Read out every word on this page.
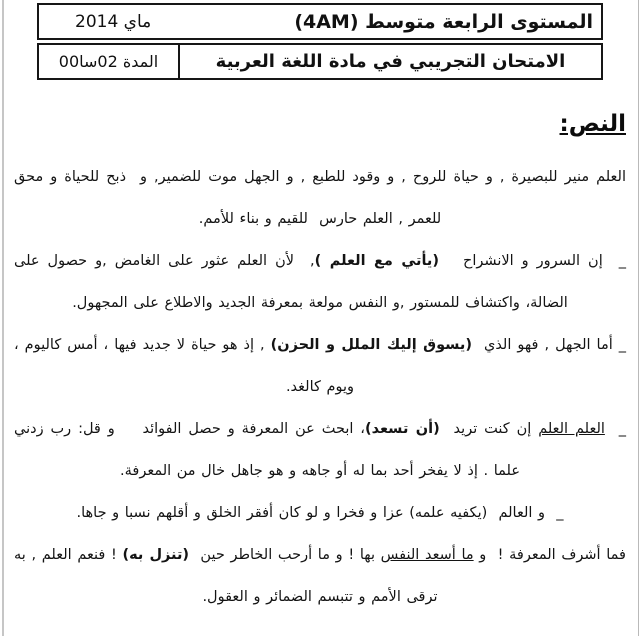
المستوى الرابعة متوسط (4AM)
ماي 2014
الامتحان التجريبي في مادة اللغة العربية
المدة 02سا00
النص:

العلم منير للبصيرة , و حياة للروح , و وقود للطبع , و الجهل موت للضمير, و  ذبح للحياة و محق للعمر , العلم حارس  للقيم و بناء للأمم.

_  إن السرور و الانشراح   (يأتي مع العلم ),  لأن العلم عثور على الغامض ,و حصول على الضالة، واكتشاف للمستور ,و النفس مولعة بمعرفة الجديد والاطلاع على المجهول.

_ أما الجهل , فهو الذي  (يسوق إليك الملل و الحزن) , إذ هو حياة لا جديد فيها ، أمس كاليوم ، ويوم كالغد.

_  العلم العلم إن كنت تريد  (أن تسعد)، ابحث عن المعرفة و حصل الفوائد    و قل: رب زدني علما . إذ لا يفخر أحد بما له أو جاهه و هو جاهل خال من المعرفة.

_  و العالم  (يكفيه علمه) عزا و فخرا و لو كان أفقر الخلق و أقلهم نسبا و جاها.

فما أشرف المعرفة !  و ما أسعد النفس بها ! و ما أرحب الخاطر حين  (تنزل به) ! فنعم العلم , به ترقى الأمم و تتبسم الضمائر و العقول.
